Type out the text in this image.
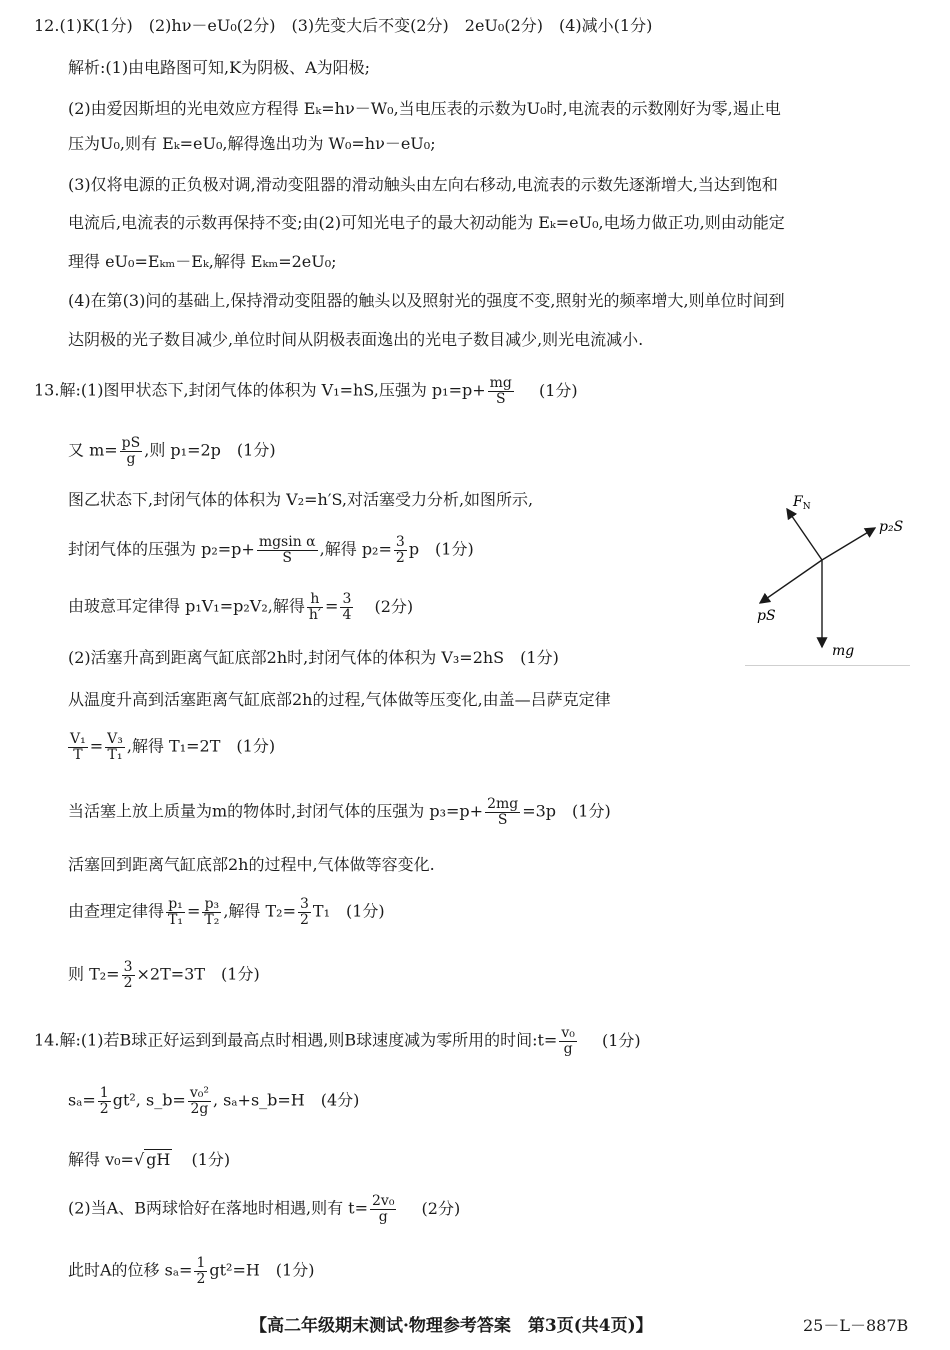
12.(1)K(1分)　(2)hν－eU₀(2分)　(3)先变大后不变(2分)　2eU₀(2分)　(4)减小(1分)
解析:(1)由电路图可知,K为阴极、A为阳极;
(2)由爱因斯坦的光电效应方程得 Eₖ=hν－W₀,当电压表的示数为U₀时,电流表的示数刚好为零,遏止电
压为U₀,则有 Eₖ=eU₀,解得逸出功为 W₀=hν－eU₀;
(3)仅将电源的正负极对调,滑动变阻器的滑动触头由左向右移动,电流表的示数先逐渐增大,当达到饱和
电流后,电流表的示数再保持不变;由(2)可知光电子的最大初动能为 Eₖ=eU₀,电场力做正功,则由动能定
理得 eU₀=Eₖₘ－Eₖ,解得 Eₖₘ=2eU₀;
(4)在第(3)问的基础上,保持滑动变阻器的触头以及照射光的强度不变,照射光的频率增大,则单位时间到
达阴极的光子数目减少,单位时间从阴极表面逸出的光电子数目减少,则光电流减小.
13.解:(1)图甲状态下,封闭气体的体积为 V₁=hS,压强为 $p_1=p+ \frac{mg}{S} (1$分)
又 $m= \frac{pS}{g}$ ,则 p₁=2p　(1分)
图乙状态下,封闭气体的体积为 V₂=h′S,对活塞受力分析,如图所示,
封闭气体的压强为 $p_2=p+ \frac{\text{mgsin α}}{S}$ ,解得 $p_2= \frac{3}{2}$ p　(1分)
由玻意耳定律得 p₁V₁=p₂V₂,解得 $\frac{h}{h'} = \frac{3}{4} (2$分)
(2)活塞升高到距离气缸底部2h时,封闭气体的体积为 V₃=2hS　(1分)
从温度升高到活塞距离气缸底部2h的过程,气体做等压变化,由盖—吕萨克定律
$\frac{\text{V₁}}{T} = \frac{\text{V₃}}{\text{T₁}}$ ,解得 T₁=2T　(1分)
当活塞上放上质量为m的物体时,封闭气体的压强为 $p_3=p+ \frac{2mg}{S} =3p$　(1分)
活塞回到距离气缸底部2h的过程中,气体做等容变化.
由查理定律得 $\frac{\text{p₁}}{\text{T₁}} = \frac{\text{p₃}}{\text{T₂}}$ ,解得 $T_2= \frac{3}{2} T_1$　(1分)
则 $T_2= \frac{3}{2} \times 2T=3T$　(1分)
$F_N$
p₂S
pS
mg
14.解:(1)若B球正好运到到最高点时相遇,则B球速度减为零所用的时间:t= $\frac{\text{v₀}}{g} (1$分)
$s_a= \frac{1}{2} gt^2$, s_b= $\frac{\text{v₀²}}{2g}$ , sₐ+s_b=H　(4分)
解得 v₀=√ gH (1分)
(2)当A、B两球恰好在落地时相遇,则有 $t= \frac{\text{2v₀}}{g} (2$分)
此时A的位移 $s_a= \frac{1}{2} gt^2=H$　(1分)
【高二年级期末测试·物理参考答案　第3页(共4页)】	25－L－887B
